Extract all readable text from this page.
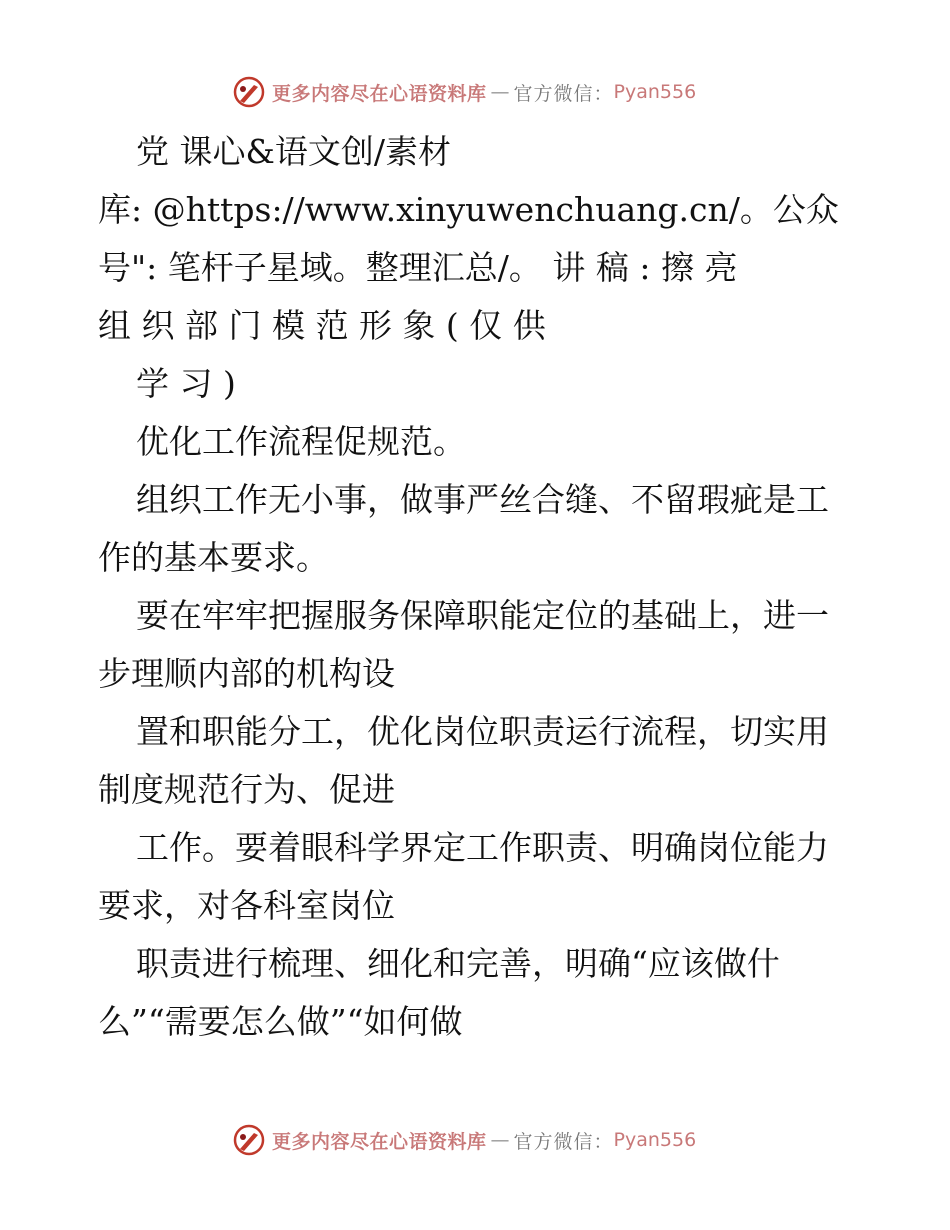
更多内容尽在心语资料库 — 官方微信： Pyan556
党 课心&语文创/素材
库: @https://www.xinyuwenchuang.cn/。公众
号": 笔杆子星域。整理汇总/。 讲 稿 : 擦 亮
组 织 部 门 模 范 形 象 ( 仅 供
学 习 )
优化工作流程促规范。
组织工作无小事，做事严丝合缝、不留瑕疵是工
作的基本要求。
要在牢牢把握服务保障职能定位的基础上，进一
步理顺内部的机构设
置和职能分工，优化岗位职责运行流程，切实用
制度规范行为、促进
工作。要着眼科学界定工作职责、明确岗位能力
要求，对各科室岗位
职责进行梳理、细化和完善，明确“应该做什
么”“需要怎么做”“如何做
更多内容尽在心语资料库 — 官方微信： Pyan556
